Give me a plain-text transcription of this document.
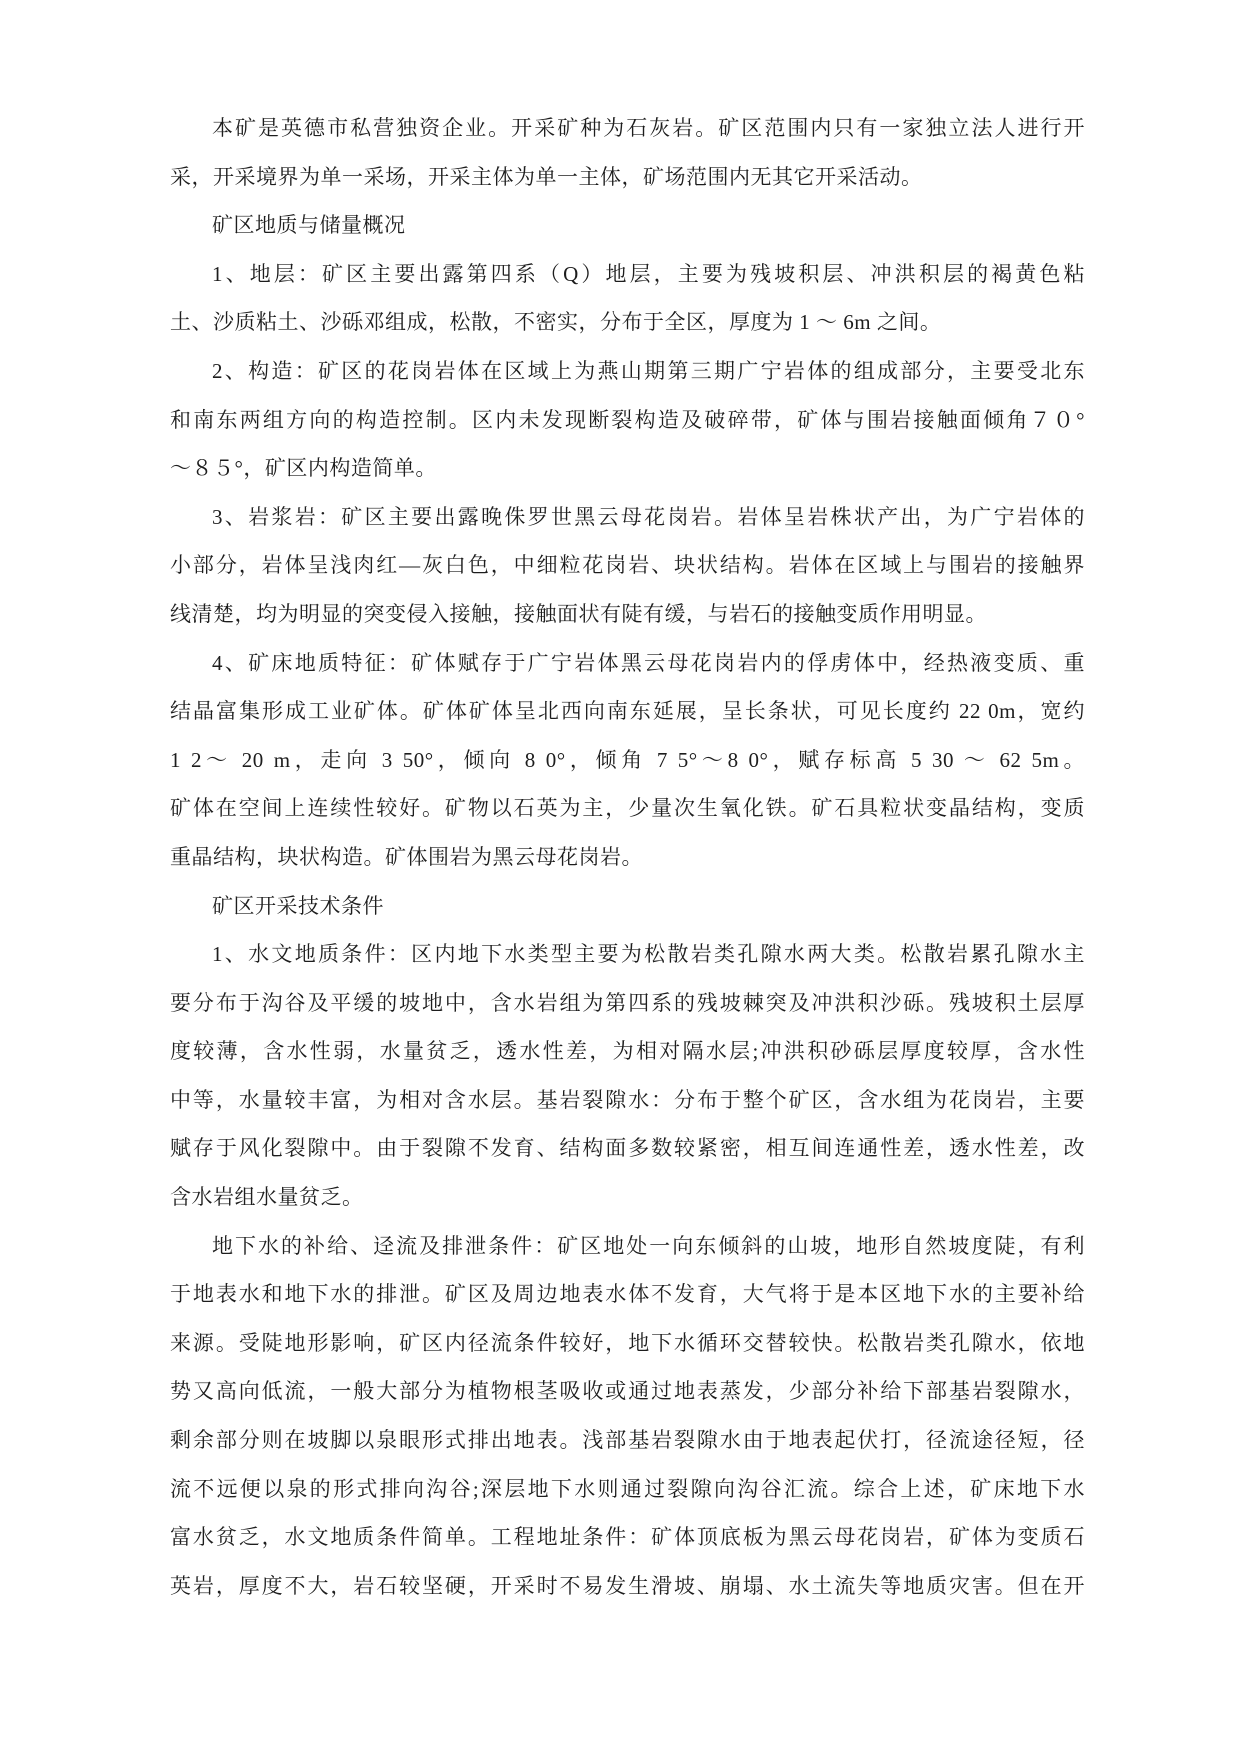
本矿是英德市私营独资企业。开采矿种为石灰岩。矿区范围内只有一家独立法人进行开
采，开采境界为单一采场，开采主体为单一主体，矿场范围内无其它开采活动。
矿区地质与储量概况
1、地层：矿区主要出露第四系（Q）地层，主要为残坡积层、冲洪积层的褐黄色粘
土、沙质粘土、沙砾邓组成，松散，不密实，分布于全区，厚度为 1 ～ 6m 之间。
2、构造：矿区的花岗岩体在区域上为燕山期第三期广宁岩体的组成部分，主要受北东
和南东两组方向的构造控制。区内未发现断裂构造及破碎带，矿体与围岩接触面倾角７０°
～８５°，矿区内构造简单。
3、岩浆岩：矿区主要出露晚侏罗世黑云母花岗岩。岩体呈岩株状产出，为广宁岩体的
小部分，岩体呈浅肉红—灰白色，中细粒花岗岩、块状结构。岩体在区域上与围岩的接触界
线清楚，均为明显的突变侵入接触，接触面状有陡有缓，与岩石的接触变质作用明显。
4、矿床地质特征：矿体赋存于广宁岩体黑云母花岗岩内的俘虏体中，经热液变质、重
结晶富集形成工业矿体。矿体矿体呈北西向南东延展，呈长条状，可见长度约 22 0m，宽约
1 2～ 20 m，走向 3 50°，倾向 8 0°，倾角 7 5°～8 0°，赋存标高 5 30 ～ 62 5m。
矿体在空间上连续性较好。矿物以石英为主，少量次生氧化铁。矿石具粒状变晶结构，变质
重晶结构，块状构造。矿体围岩为黑云母花岗岩。
矿区开采技术条件
1、水文地质条件：区内地下水类型主要为松散岩类孔隙水两大类。松散岩累孔隙水主
要分布于沟谷及平缓的坡地中，含水岩组为第四系的残坡棘突及冲洪积沙砾。残坡积土层厚
度较薄，含水性弱，水量贫乏，透水性差，为相对隔水层;冲洪积砂砾层厚度较厚，含水性
中等，水量较丰富，为相对含水层。基岩裂隙水：分布于整个矿区，含水组为花岗岩，主要
赋存于风化裂隙中。由于裂隙不发育、结构面多数较紧密，相互间连通性差，透水性差，改
含水岩组水量贫乏。
地下水的补给、迳流及排泄条件：矿区地处一向东倾斜的山坡，地形自然坡度陡，有利
于地表水和地下水的排泄。矿区及周边地表水体不发育，大气将于是本区地下水的主要补给
来源。受陡地形影响，矿区内径流条件较好，地下水循环交替较快。松散岩类孔隙水，依地
势又高向低流，一般大部分为植物根茎吸收或通过地表蒸发，少部分补给下部基岩裂隙水，
剩余部分则在坡脚以泉眼形式排出地表。浅部基岩裂隙水由于地表起伏打，径流途径短，径
流不远便以泉的形式排向沟谷;深层地下水则通过裂隙向沟谷汇流。综合上述，矿床地下水
富水贫乏，水文地质条件简单。工程地址条件：矿体顶底板为黑云母花岗岩，矿体为变质石
英岩，厚度不大，岩石较坚硬，开采时不易发生滑坡、崩塌、水土流失等地质灾害。但在开
